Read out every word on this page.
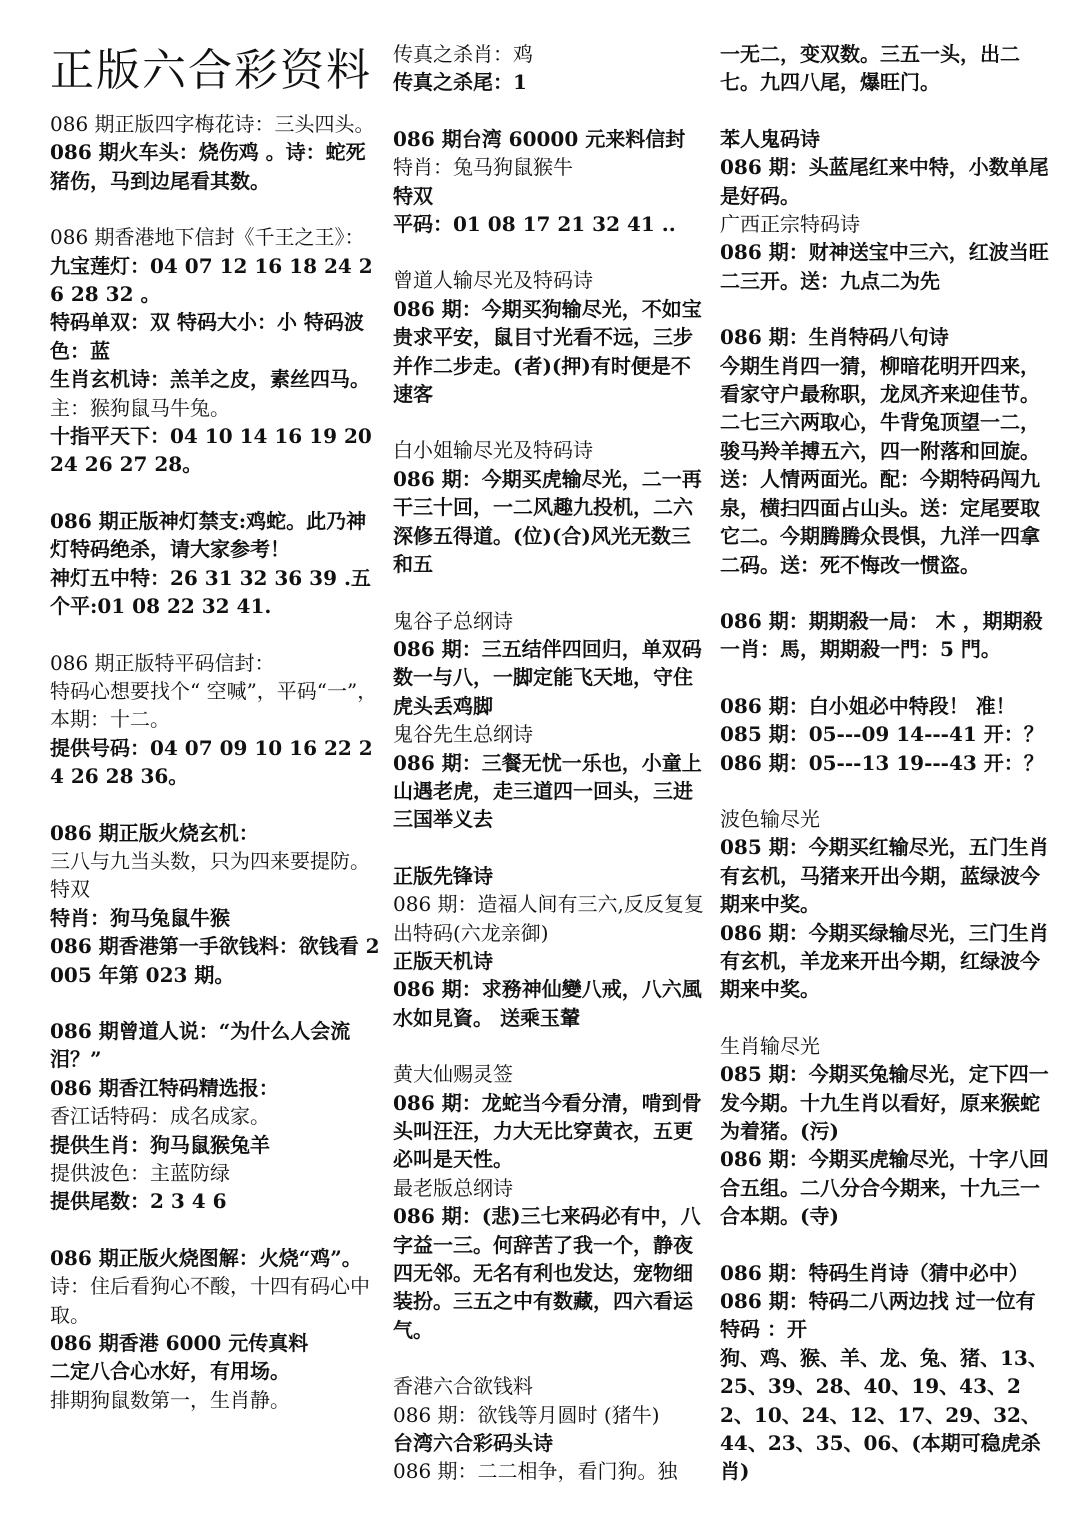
正版六合彩资料
086 期正版四字梅花诗：三头四头。
086 期火车头：烧伤鸡 。诗：蛇死猪伤，马到边尾看其数。
086 期香港地下信封《千王之王》：
九宝莲灯：04 07 12 16 18 24 26 28 32 。
特码单双：双 特码大小：小 特码波色：蓝
生肖玄机诗：羔羊之皮，素丝四马。
主：猴狗鼠马牛兔。
十指平天下：04 10 14 16 19 20 24 26 27 28。
086 期正版神灯禁支:鸡蛇。此乃神灯特码绝杀，请大家参考！
神灯五中特：26 31 32 36 39 .五个平:01 08 22 32 41.
086 期正版特平码信封：
特码心想要找个“ 空喊”，平码“一”，本期：十二。
提供号码：04 07 09 10 16 22 24 26 28 36。
086 期正版火烧玄机：
三八与九当头数，只为四来要提防。
特双
特肖：狗马兔鼠牛猴
086 期香港第一手欲钱料：欲钱看 2005 年第 023 期。
086 期曾道人说：“为什么人会流泪？”
086 期香江特码精选报：
香江话特码：成名成家。
提供生肖：狗马鼠猴兔羊
提供波色：主蓝防绿
提供尾数：2 3 4 6
086 期正版火烧图解：火烧“鸡”。
诗：住后看狗心不酸，十四有码心中取。
086 期香港 6000 元传真料
二定八合心水好，有用场。
排期狗鼠数第一，生肖静。
传真之杀肖：鸡
传真之杀尾：1
086 期台湾 60000 元来料信封
特肖：兔马狗鼠猴牛
特双
平码：01 08 17 21 32 41 ..
曾道人输尽光及特码诗
086 期：今期买狗输尽光，不如宝贵求平安，鼠目寸光看不远，三步并作二步走。(者)(押)有时便是不速客
白小姐输尽光及特码诗
086 期：今期买虎输尽光，二一再干三十回，一二风趣九投机，二六深修五得道。(位)(合)风光无数三和五
鬼谷子总纲诗
086 期：三五结伴四回归，单双码数一与八，一脚定能飞天地，守住虎头丢鸡脚
鬼谷先生总纲诗
086 期：三餐无忧一乐也，小童上山遇老虎，走三道四一回头，三进三国举义去
正版先锋诗
086 期：造福人间有三六,反反复复出特码(六龙亲御)
正版天机诗
086 期：求務神仙變八戒，八六風水如見資。 送乘玉輦
黄大仙赐灵签
086 期：龙蛇当今看分清，啃到骨头叫汪汪，力大无比穿黄衣，五更必叫是天性。
最老版总纲诗
086 期：(悲)三七来码必有中，八字益一三。何辞苦了我一个，静夜四无邻。无名有利也发达，宠物细装扮。三五之中有数藏，四六看运气。
香港六合欲钱料
086 期：欲钱等月圆时 (猪牛)
台湾六合彩码头诗
086 期：二二相争，看门狗。独
一无二，变双数。三五一头，出二七。九四八尾，爆旺门。
苯人鬼码诗
086 期：头蓝尾红来中特，小数单尾是好码。
广西正宗特码诗
086 期：财神送宝中三六，红波当旺二三开。送：九点二为先
086 期：生肖特码八句诗
今期生肖四一猜，柳暗花明开四来，看家守户最称职，龙凤齐来迎佳节。二七三六两取心，牛背兔顶望一二，骏马羚羊搏五六，四一附落和回旋。送：人情两面光。配：今期特码闯九泉，横扫四面占山头。送：定尾要取它二。今期腾腾众畏惧，九洋一四拿二码。送：死不悔改一惯盗。
086 期：期期殺一局： 木 ，期期殺一肖：馬，期期殺一門：5 門。
086 期：白小姐必中特段！ 准！
085 期：05---09 14---41 开：？
086 期：05---13 19---43 开：？
波色输尽光
085 期：今期买红输尽光，五门生肖有玄机，马猪来开出今期，蓝绿波今期来中奖。
086 期：今期买绿输尽光，三门生肖有玄机，羊龙来开出今期，红绿波今期来中奖。
生肖输尽光
085 期：今期买兔输尽光，定下四一发今期。十九生肖以看好，原来猴蛇为着猪。(污)
086 期：今期买虎输尽光，十字八回合五组。二八分合今期来，十九三一合本期。(寺)
086 期：特码生肖诗（猜中必中）
086 期：特码二八两边找 过一位有特码 ：开
狗、鸡、猴、羊、龙、兔、猪、13、25、39、28、40、19、43、22、10、24、12、17、29、32、44、23、35、06、(本期可稳虎杀肖)
